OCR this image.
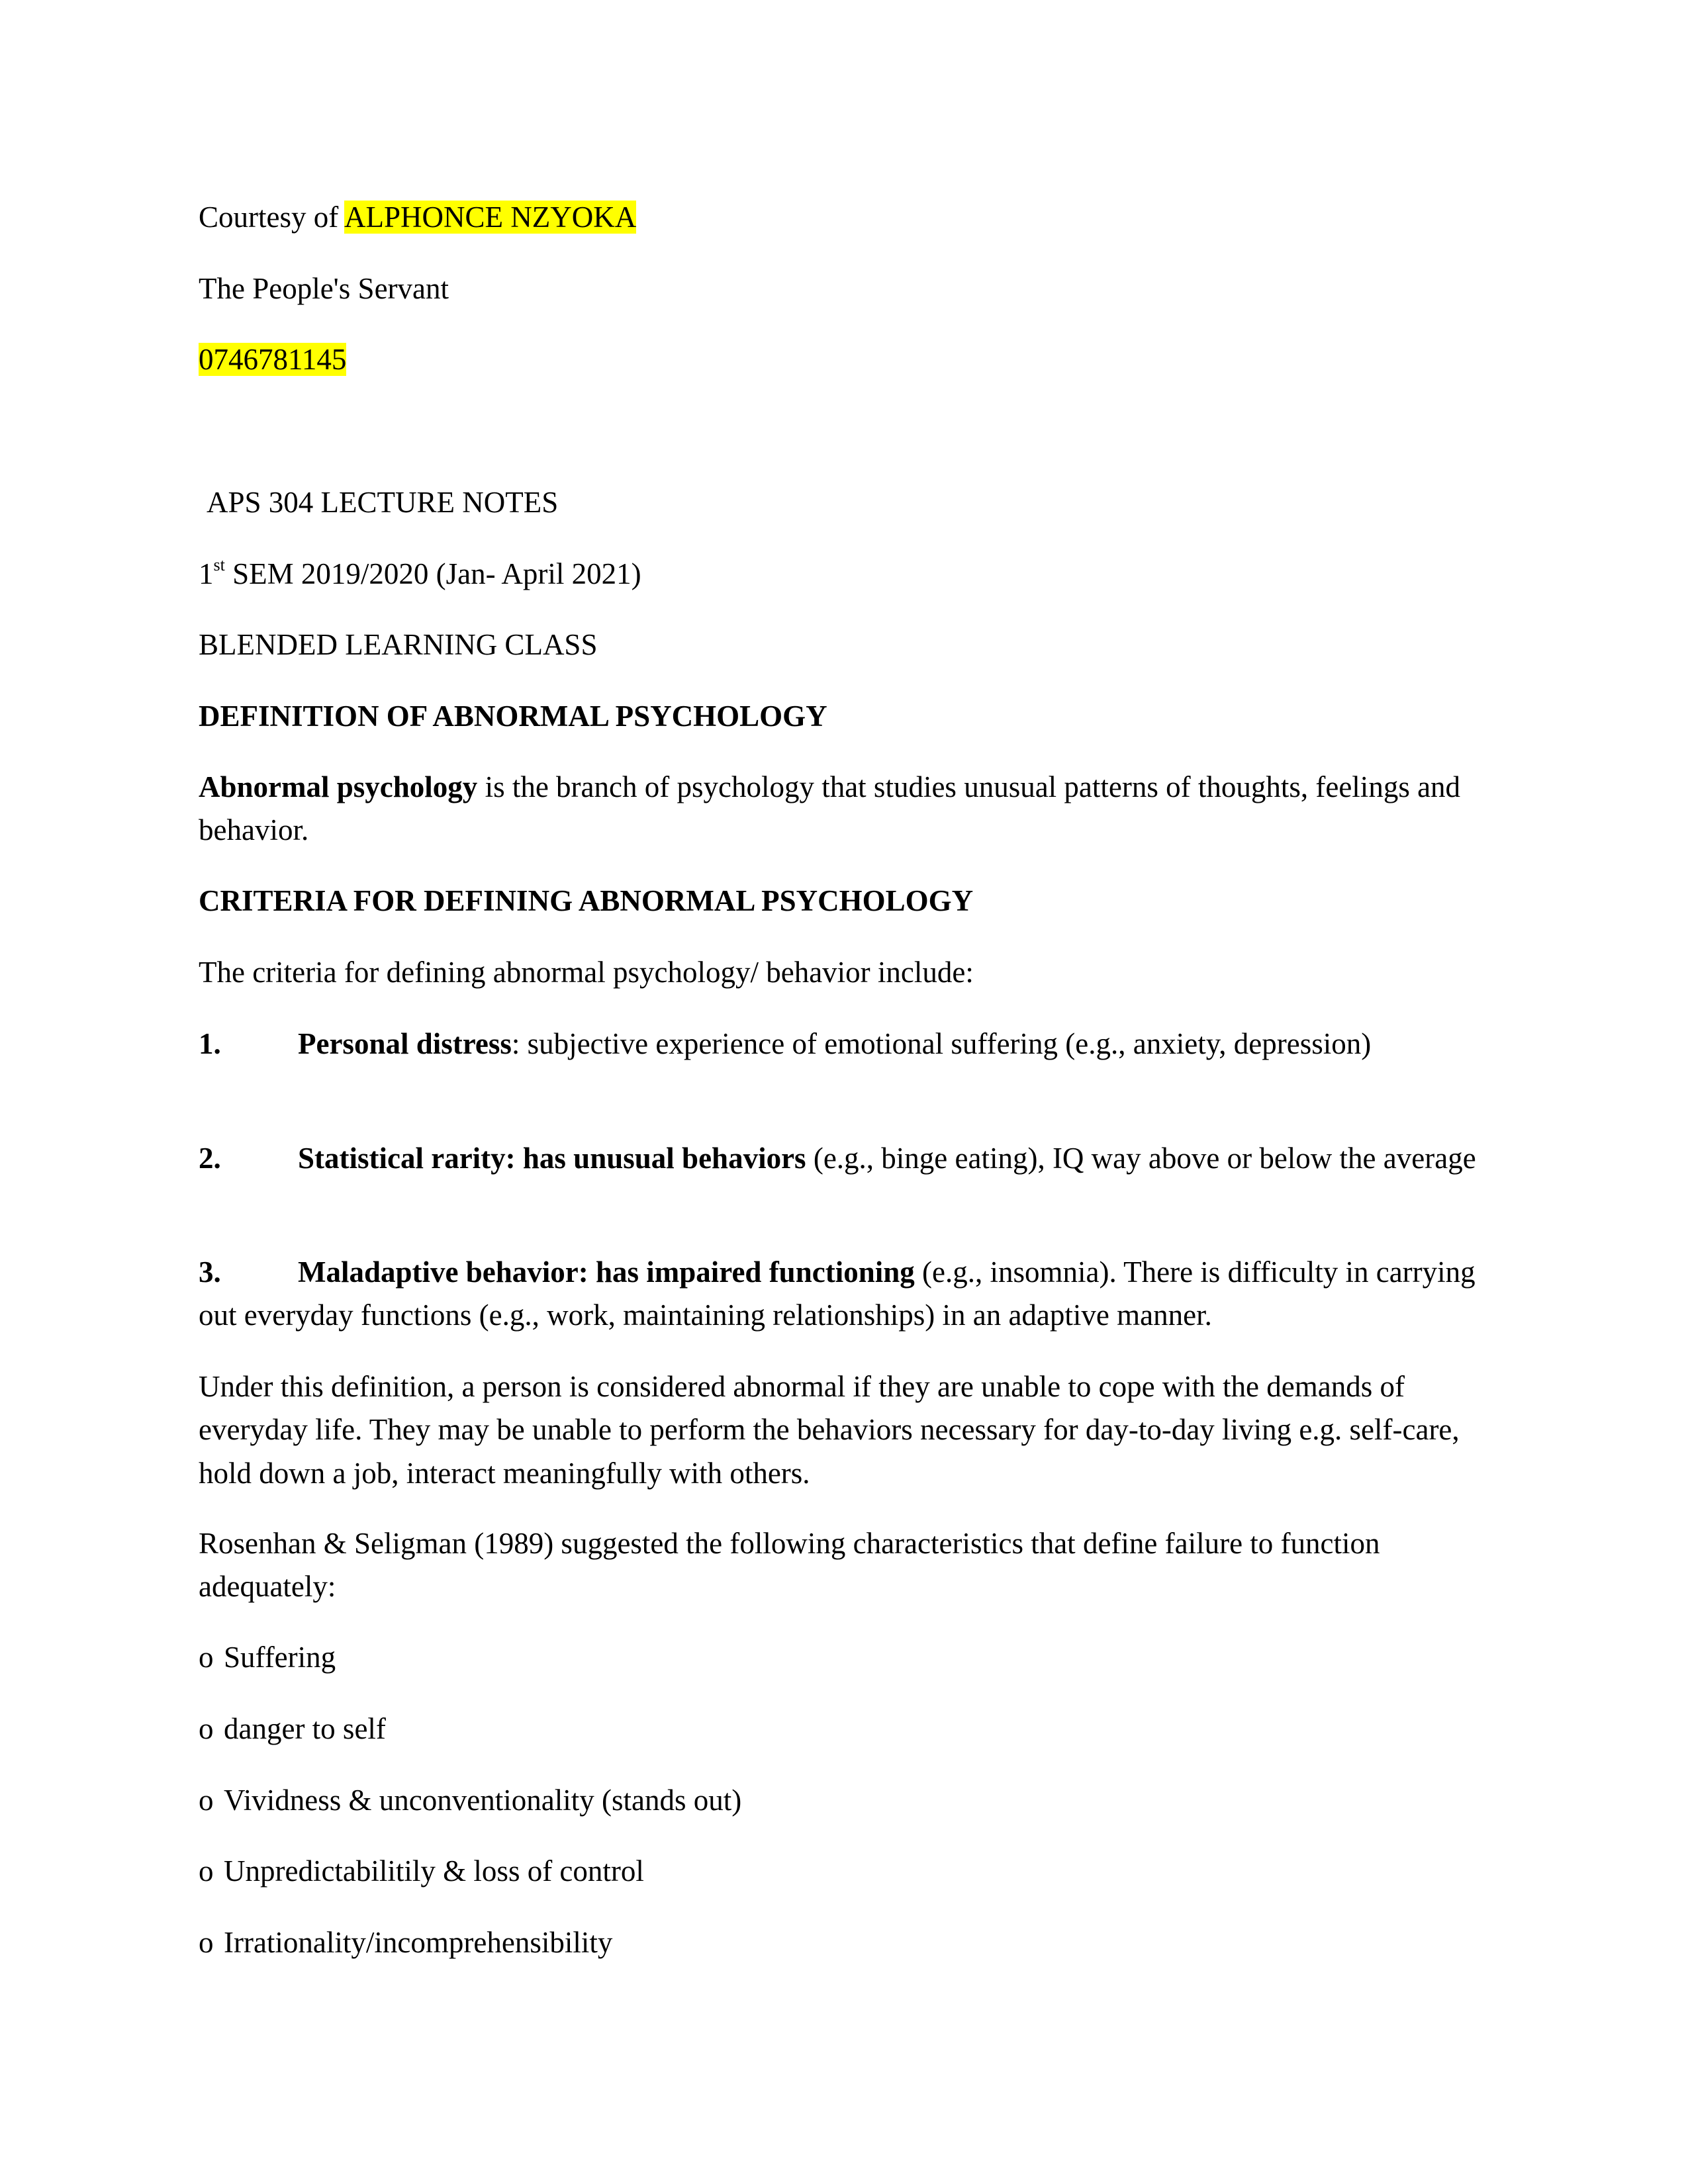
Courtesy of ALPHONCE NZYOKA

The People's Servant

0746781145

APS 304 LECTURE NOTES

1st SEM 2019/2020 (Jan- April 2021)

BLENDED LEARNING CLASS

DEFINITION OF ABNORMAL PSYCHOLOGY

Abnormal psychology is the branch of psychology that studies unusual patterns of thoughts, feelings and behavior.

CRITERIA FOR DEFINING ABNORMAL PSYCHOLOGY

The criteria for defining abnormal psychology/ behavior include:

1.	Personal distress: subjective experience of emotional suffering (e.g., anxiety, depression)

2.	Statistical rarity: has unusual behaviors (e.g., binge eating), IQ way above or below the average

3.	Maladaptive behavior: has impaired functioning (e.g., insomnia). There is difficulty in carrying out everyday functions (e.g., work, maintaining relationships) in an adaptive manner.

Under this definition, a person is considered abnormal if they are unable to cope with the demands of everyday life. They may be unable to perform the behaviors necessary for day-to-day living e.g. self-care, hold down a job, interact meaningfully with others.

Rosenhan & Seligman (1989) suggested the following characteristics that define failure to function adequately:

o Suffering

o danger to self

o Vividness & unconventionality (stands out)

o Unpredictabilitily & loss of control

o Irrationality/incomprehensibility
